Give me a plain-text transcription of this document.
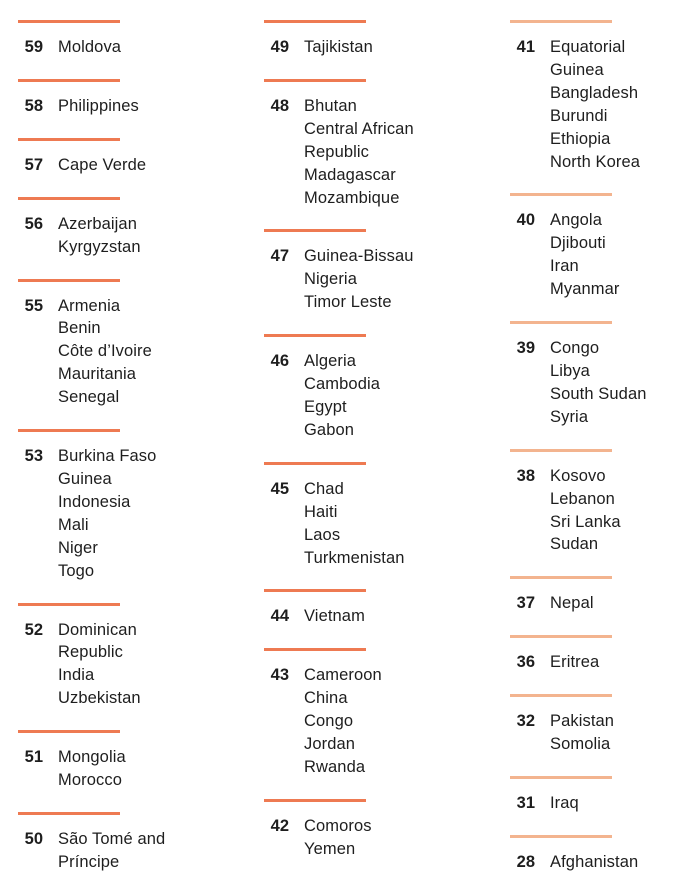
59 Moldova
58 Philippines
57 Cape Verde
56 Azerbaijan
Kyrgyzstan
55 Armenia
Benin
Côte d’Ivoire
Mauritania
Senegal
53 Burkina Faso
Guinea
Indonesia
Mali
Niger
Togo
52 Dominican
Republic
India
Uzbekistan
51 Mongolia
Morocco
50 São Tomé and
Príncipe
49 Tajikistan
48 Bhutan
Central African
Republic
Madagascar
Mozambique
47 Guinea-Bissau
Nigeria
Timor Leste
46 Algeria
Cambodia
Egypt
Gabon
45 Chad
Haiti
Laos
Turkmenistan
44 Vietnam
43 Cameroon
China
Congo
Jordan
Rwanda
42 Comoros
Yemen
41 Equatorial
Guinea
Bangladesh
Burundi
Ethiopia
North Korea
40 Angola
Djibouti
Iran
Myanmar
39 Congo
Libya
South Sudan
Syria
38 Kosovo
Lebanon
Sri Lanka
Sudan
37 Nepal
36 Eritrea
32 Pakistan
Somolia
31 Iraq
28 Afghanistan
